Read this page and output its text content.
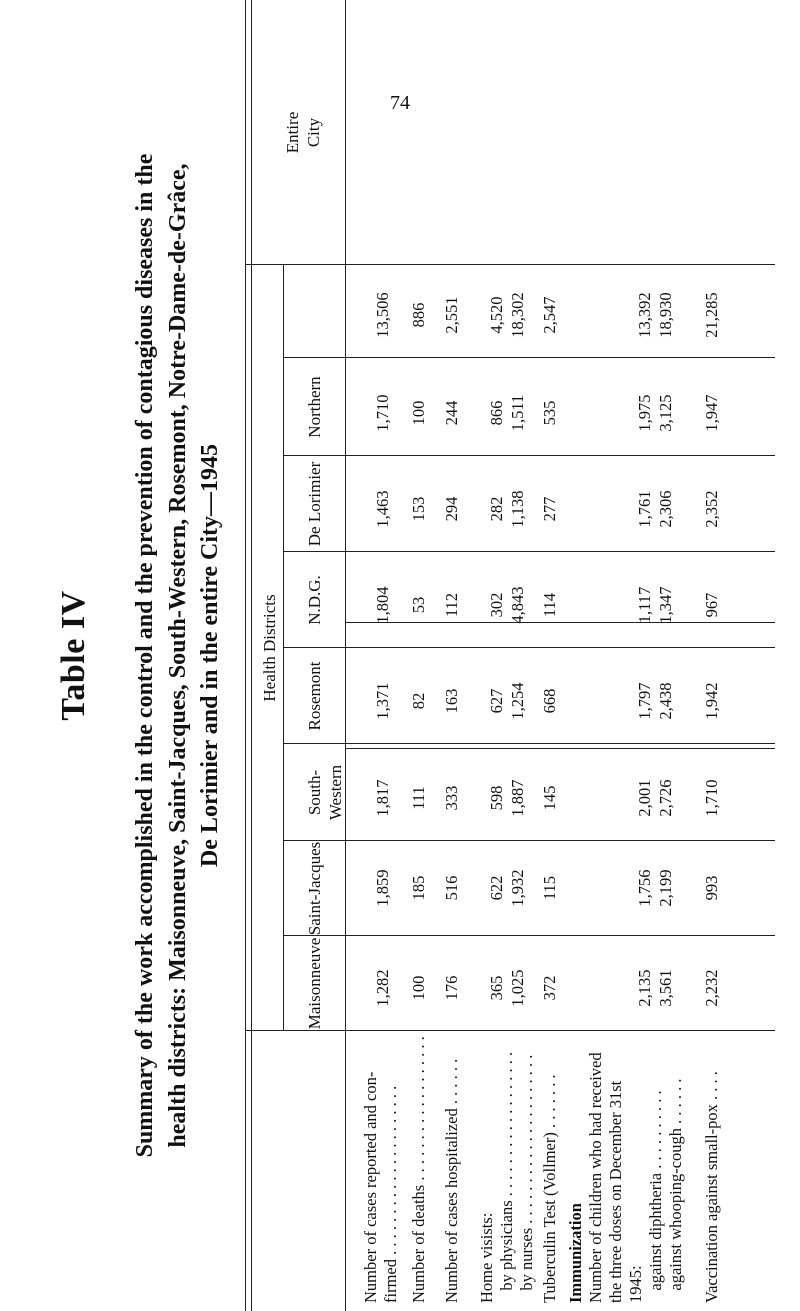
74
Table IV Summary of the work accomplished in the control and the prevention of contagious diseases in the health districts: Maisonneuve, Saint-Jacques, South-Western, Rosemont, Notre-Dame-de-Grâce, De Lorimier and in the entire City—1945 Health Districts
Maisonneuve
Saint-Jacques
South-Western
Rosemont
N.D.G.
De Lorimier
Northern
Entire City
Number of cases reported and con- firmed . . . . . . . . . . . . . . . . . . . . . Number of deaths . . . . . . . . . . . . . . . . . . Number of cases hospitalized . . . . . . Home visists: by physicians . . . . . . . . . . . . . . . . . . by nurses . . . . . . . . . . . . . . . . . . . . . Tuberculin Test (Vollmer) . . . . . . . Immunization Number of children who had received the three doses on December 31st 1945: against diphtheria . . . . . . . . . . against whooping-cough . . . . . . Vaccination against small-pox . . . .
1,282
1,859
1,817
1,371
1,804
1,463
1,710
13,506
100
185
111
82
53
153
100
886
176
516
333
163
112
294
244
2,551
365
622
598
627
302
282
866
4,520
1,025
1,932
1,887
1,254
4,843
1,138
1,511
18,302
372
115
145
668
114
277
535
2,547
2,135
1,756
2,001
1,797
1,117
1,761
1,975
13,392
3,561
2,199
2,726
2,438
1,347
2,306
3,125
18,930
2,232
993
1,710
1,942
967
2,352
1,947
21,285
